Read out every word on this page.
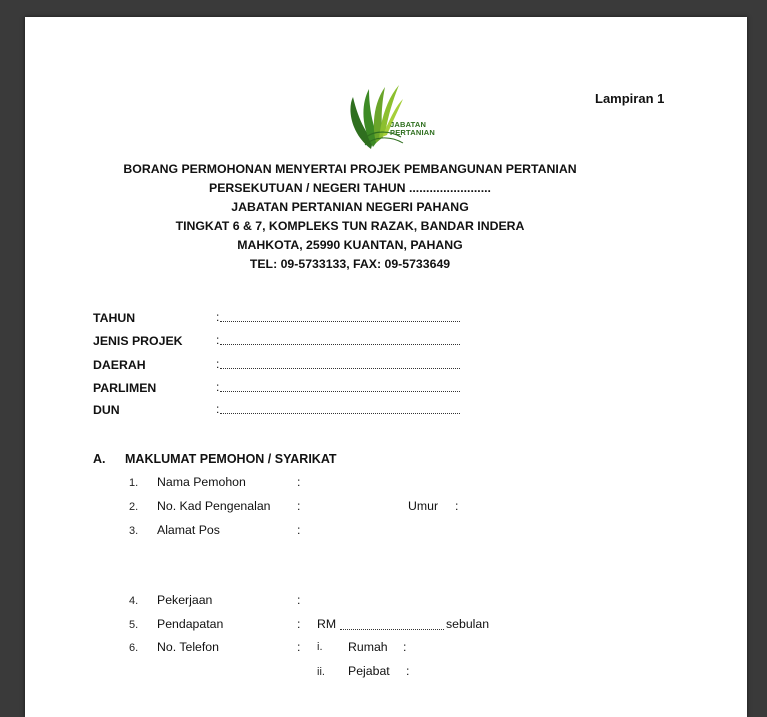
JABATAN
PERTANIAN
Lampiran 1
BORANG PERMOHONAN MENYERTAI PROJEK PEMBANGUNAN PERTANIAN
PERSEKUTUAN / NEGERI TAHUN ........................
JABATAN PERTANIAN NEGERI PAHANG
TINGKAT 6 & 7, KOMPLEKS TUN RAZAK, BANDAR INDERA
MAHKOTA, 25990 KUANTAN, PAHANG
TEL: 09-5733133, FAX: 09-5733649
TAHUN	:
JENIS PROJEK	:
DAERAH	:
PARLIMEN	:
DUN	:
A. MAKLUMAT PEMOHON / SYARIKAT
1. Nama Pemohon	:
2. No. Kad Pengenalan :	Umur :
3. Alamat Pos	:
4. Pekerjaan	:
5. Pendapatan	: RM	sebulan
6. No. Telefon	: i. Rumah :
ii. Pejabat :
